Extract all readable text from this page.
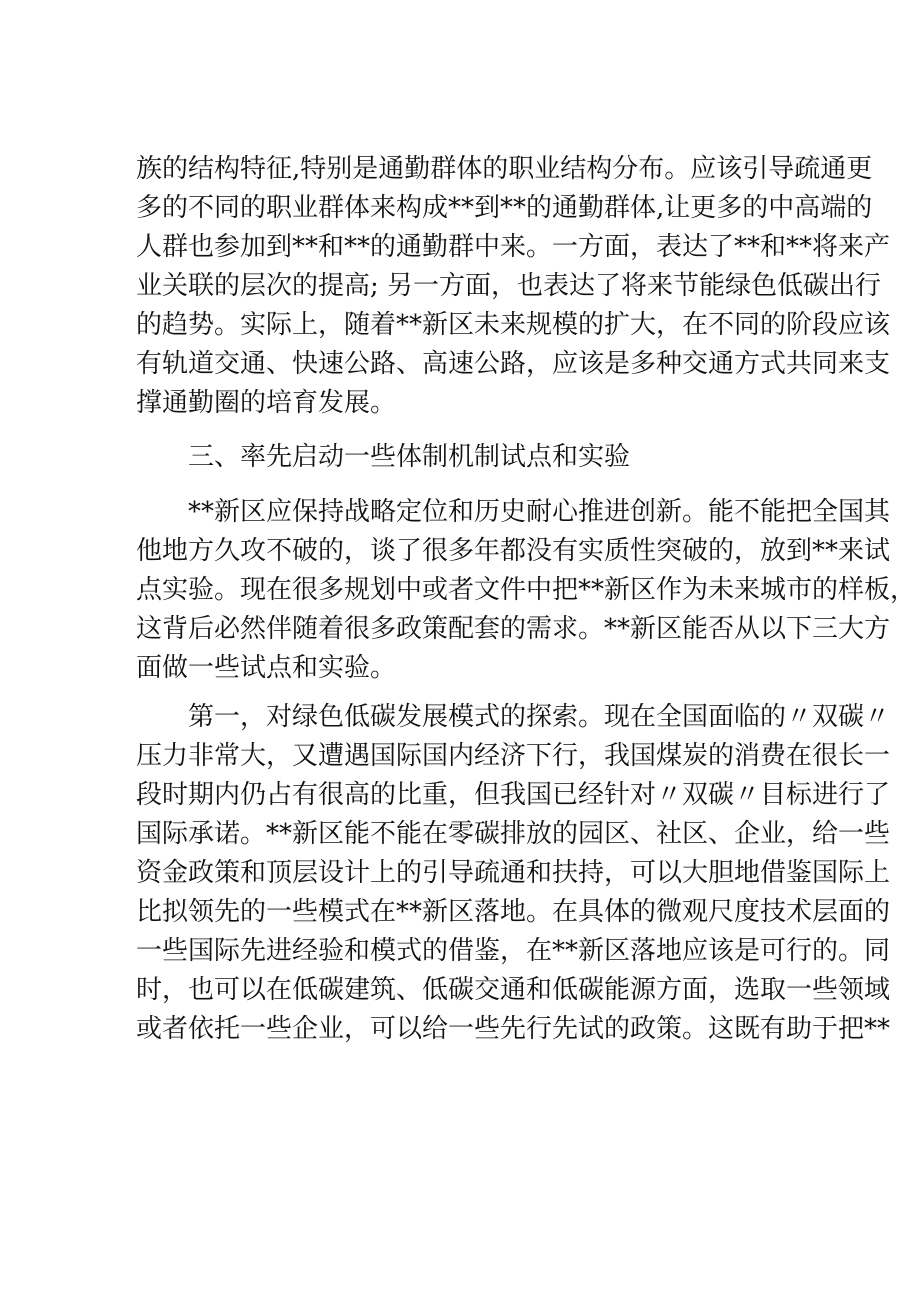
族的结构特征,特别是通勤群体的职业结构分布。应该引导疏通更
多的不同的职业群体来构成**到**的通勤群体,让更多的中高端的
人群也参加到**和**的通勤群中来。一方面，表达了**和**将来产
业关联的层次的提高; 另一方面，也表达了将来节能绿色低碳出行
的趋势。实际上，随着**新区未来规模的扩大，在不同的阶段应该
有轨道交通、快速公路、高速公路，应该是多种交通方式共同来支
撑通勤圈的培育发展。

三、率先启动一些体制机制试点和实验

**新区应保持战略定位和历史耐心推进创新。能不能把全国其
他地方久攻不破的，谈了很多年都没有实质性突破的，放到**来试
点实验。现在很多规划中或者文件中把**新区作为未来城市的样板，
这背后必然伴随着很多政策配套的需求。**新区能否从以下三大方
面做一些试点和实验。

第一，对绿色低碳发展模式的探索。现在全国面临的〃双碳〃
压力非常大，又遭遇国际国内经济下行，我国煤炭的消费在很长一
段时期内仍占有很高的比重，但我国已经针对〃双碳〃目标进行了
国际承诺。**新区能不能在零碳排放的园区、社区、企业，给一些
资金政策和顶层设计上的引导疏通和扶持，可以大胆地借鉴国际上
比拟领先的一些模式在**新区落地。在具体的微观尺度技术层面的
一些国际先进经验和模式的借鉴，在**新区落地应该是可行的。同
时，也可以在低碳建筑、低碳交通和低碳能源方面，选取一些领域
或者依托一些企业，可以给一些先行先试的政策。这既有助于把**
